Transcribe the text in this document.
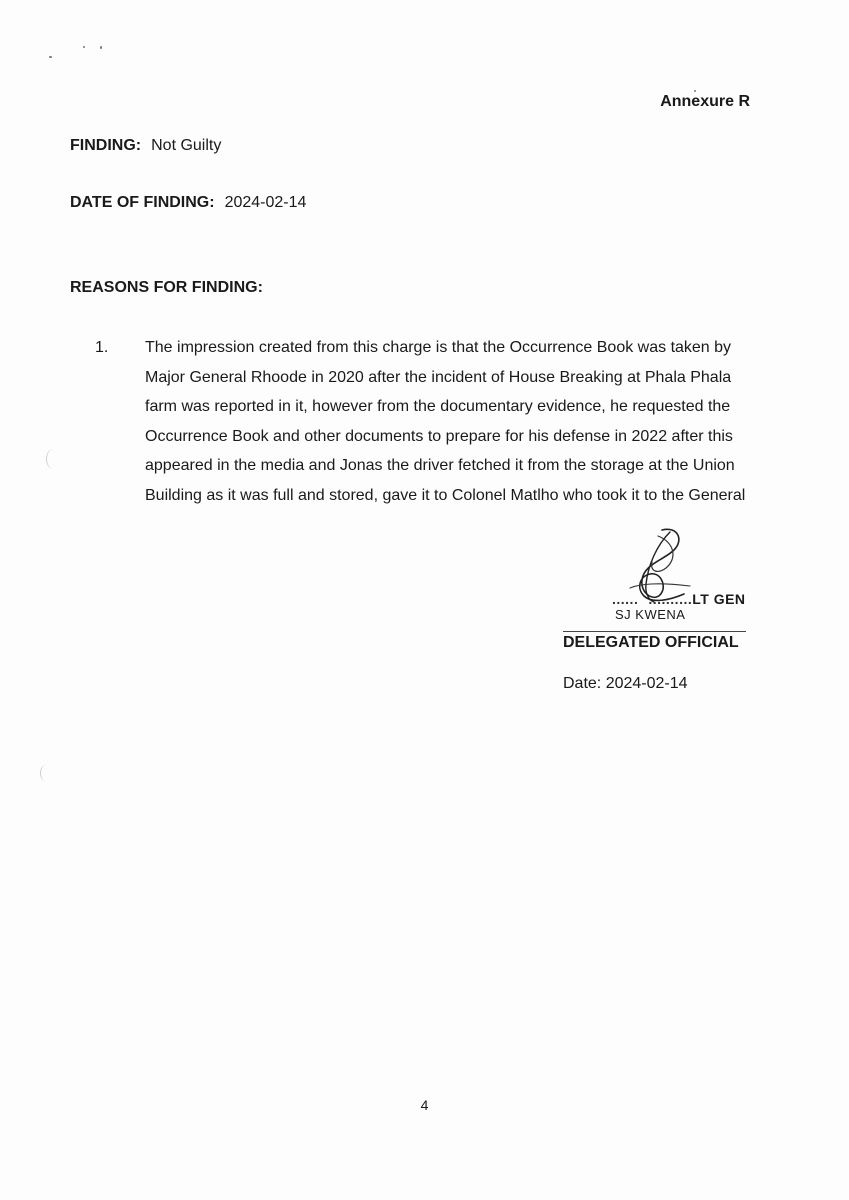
Annexure R
FINDING: Not Guilty
DATE OF FINDING: 2024-02-14
REASONS FOR FINDING:
1. The impression created from this charge is that the Occurrence Book was taken by
Major General Rhoode in 2020 after the incident of House Breaking at Phala Phala
farm was reported in it, however from the documentary evidence, he requested the
Occurrence Book and other documents to prepare for his defense in 2022 after this
appeared in the media and Jonas the driver fetched it from the storage at the Union
Building as it was full and stored, gave it to Colonel Matlho who took it to the General
...... ..........LT GEN
SJ KWENA
DELEGATED OFFICIAL
Date: 2024-02-14
4
